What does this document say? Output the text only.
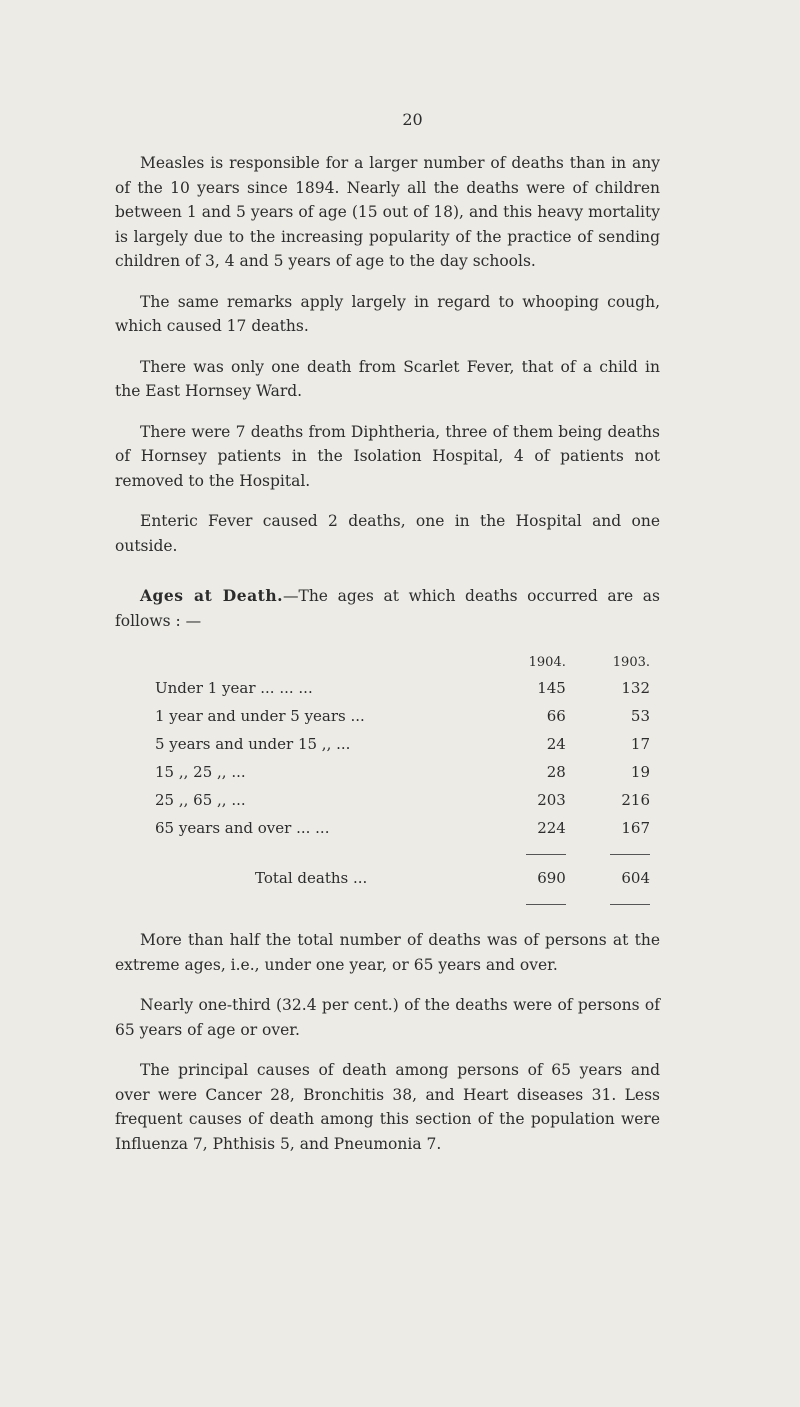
20

Measles is responsible for a larger number of deaths than in any of the 10 years since 1894. Nearly all the deaths were of children between 1 and 5 years of age (15 out of 18), and this heavy mortality is largely due to the increasing popularity of the practice of sending children of 3, 4 and 5 years of age to the day schools.

The same remarks apply largely in regard to whooping cough, which caused 17 deaths.

There was only one death from Scarlet Fever, that of a child in the East Hornsey Ward.

There were 7 deaths from Diphtheria, three of them being deaths of Hornsey patients in the Isolation Hospital, 4 of patients not removed to the Hospital.

Enteric Fever caused 2 deaths, one in the Hospital and one outside.

Ages at Death.—The ages at which deaths occurred are as follows : —

	1904.	1903.
Under 1 year ... ... ...	145	132
1 year and under 5 years ...	66	53
5 years and under 15 ,, ...	24	17
15 ,, 25 ,, ...	28	19
25 ,, 65 ,, ...	203	216
65 years and over ... ...	224	167

Total deaths ...	690	604

More than half the total number of deaths was of persons at the extreme ages, i.e., under one year, or 65 years and over.

Nearly one-third (32.4 per cent.) of the deaths were of persons of 65 years of age or over.

The principal causes of death among persons of 65 years and over were Cancer 28, Bronchitis 38, and Heart diseases 31. Less frequent causes of death among this section of the population were Influenza 7, Phthisis 5, and Pneumonia 7.
